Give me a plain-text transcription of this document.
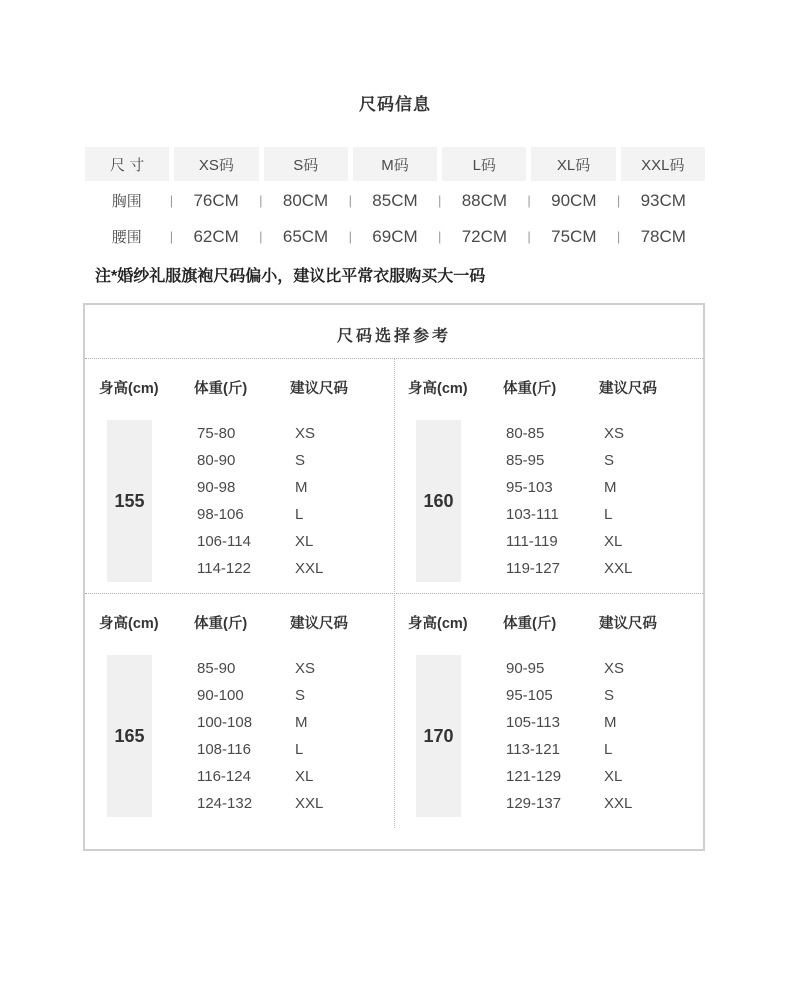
尺码信息
尺 寸	XS码	S码	M码	L码	XL码	XXL码
胸围	|	76CM	|	80CM	|	85CM	|	88CM	|	90CM	|	93CM
腰围	|	62CM	|	65CM	|	69CM	|	72CM	|	75CM	|	78CM
注*婚纱礼服旗袍尺码偏小，建议比平常衣服购买大一码
尺码选择参考
身高(cm)	体重(斤)	建议尺码
155
75-80	XS
80-90	S
90-98	M
98-106	L
106-114	XL
114-122	XXL
身高(cm)	体重(斤)	建议尺码
160
80-85	XS
85-95	S
95-103	M
103-111	L
111-119	XL
119-127	XXL
身高(cm)	体重(斤)	建议尺码
165
85-90	XS
90-100	S
100-108	M
108-116	L
116-124	XL
124-132	XXL
身高(cm)	体重(斤)	建议尺码
170
90-95	XS
95-105	S
105-113	M
113-121	L
121-129	XL
129-137	XXL
